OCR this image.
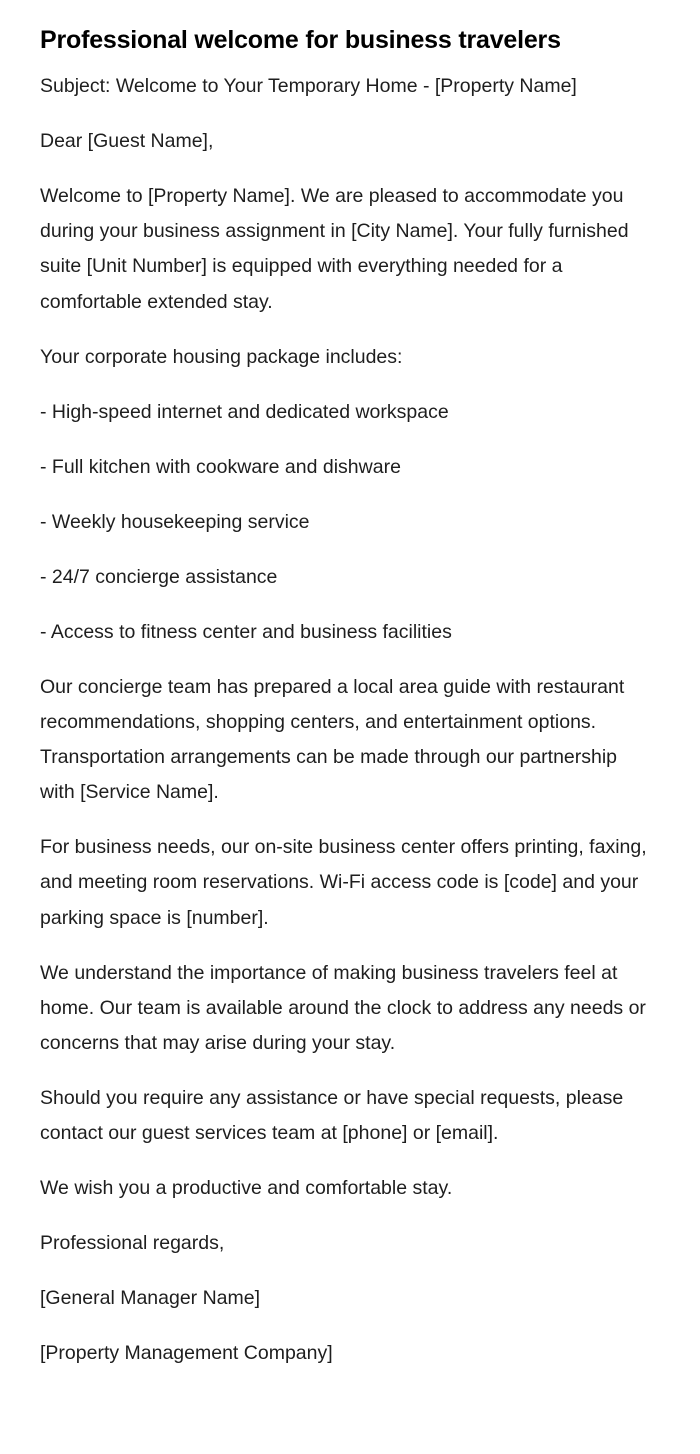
Professional welcome for business travelers

Subject: Welcome to Your Temporary Home - [Property Name]

Dear [Guest Name],

Welcome to [Property Name]. We are pleased to accommodate you during your business assignment in [City Name]. Your fully furnished suite [Unit Number] is equipped with everything needed for a comfortable extended stay.

Your corporate housing package includes:

- High-speed internet and dedicated workspace

- Full kitchen with cookware and dishware

- Weekly housekeeping service

- 24/7 concierge assistance

- Access to fitness center and business facilities

Our concierge team has prepared a local area guide with restaurant recommendations, shopping centers, and entertainment options. Transportation arrangements can be made through our partnership with [Service Name].

For business needs, our on-site business center offers printing, faxing, and meeting room reservations. Wi-Fi access code is [code] and your parking space is [number].

We understand the importance of making business travelers feel at home. Our team is available around the clock to address any needs or concerns that may arise during your stay.

Should you require any assistance or have special requests, please contact our guest services team at [phone] or [email].

We wish you a productive and comfortable stay.

Professional regards,

[General Manager Name]

[Property Management Company]
